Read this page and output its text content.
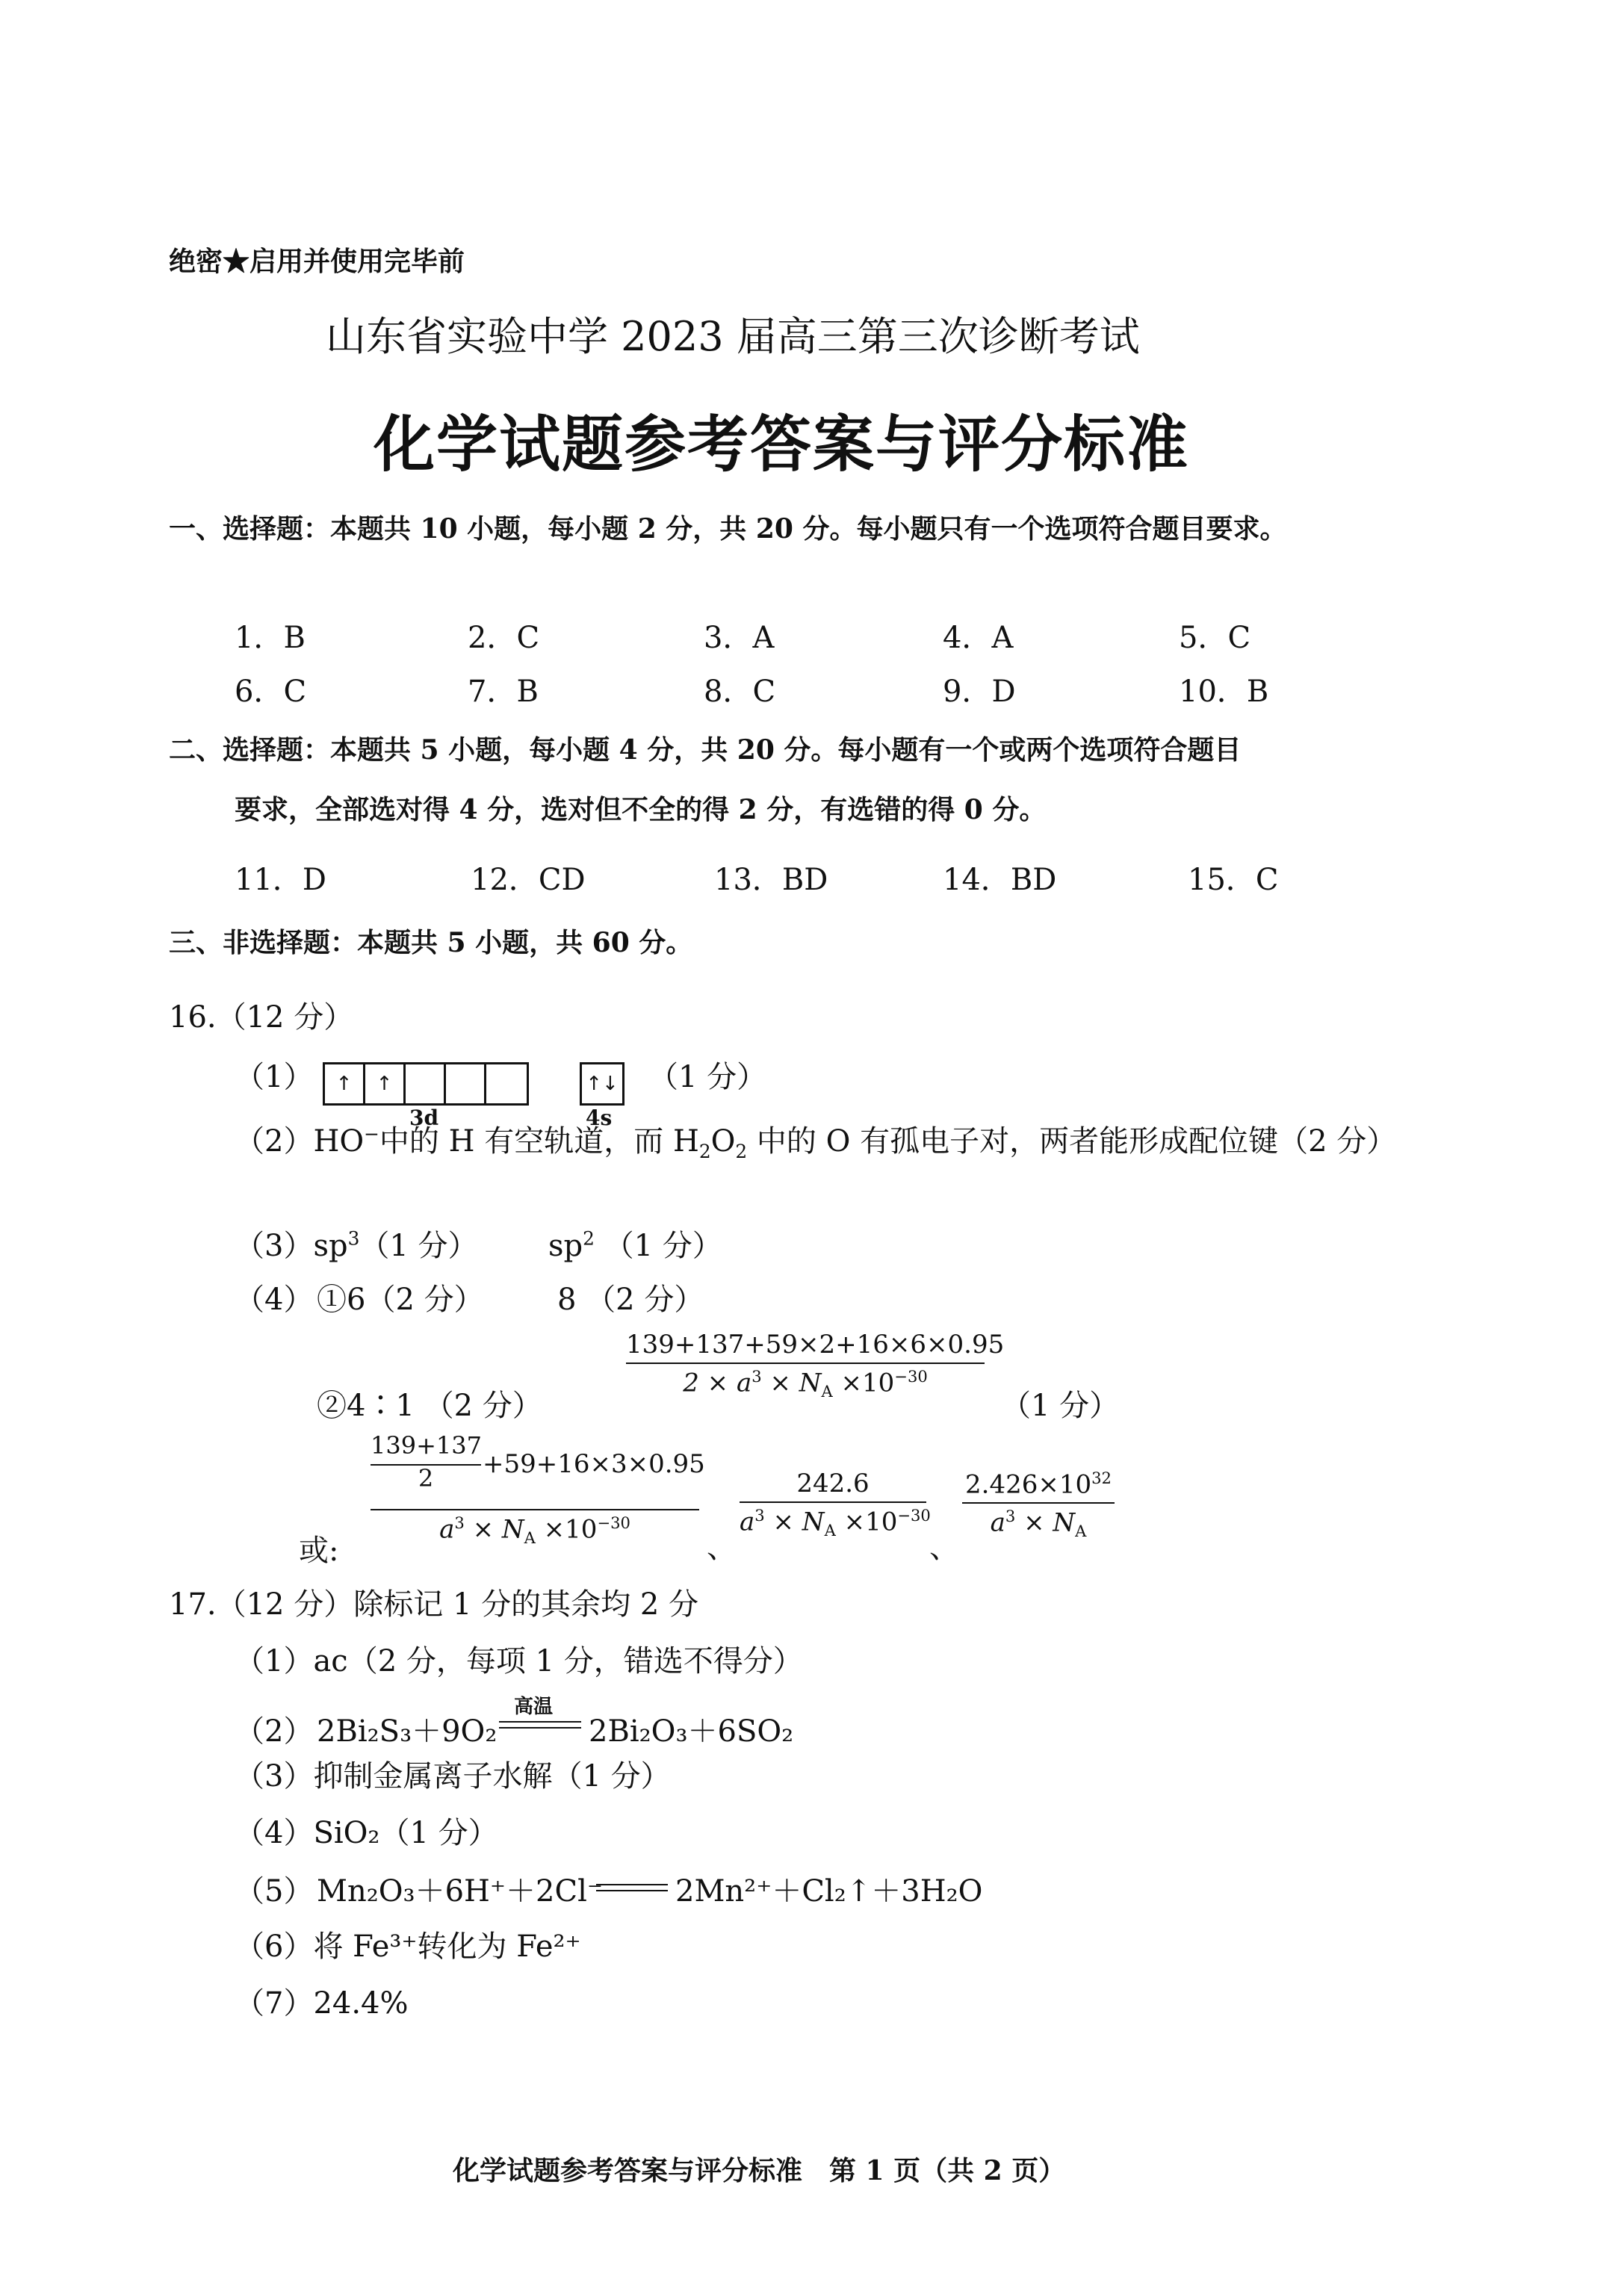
绝密★启用并使用完毕前
山东省实验中学 2023 届高三第三次诊断考试
化学试题参考答案与评分标准
一、选择题：本题共 10 小题，每小题 2 分，共 20 分。每小题只有一个选项符合题目要求。
1．B	2．C	3．A	4．A	5．C
6．C	7．B	8．C	9．D	10．B
二、选择题：本题共 5 小题，每小题 4 分，共 20 分。每小题有一个或两个选项符合题目
要求，全部选对得 4 分，选对但不全的得 2 分，有选错的得 0 分。
11．D	12．CD	13．BD	14．BD	15．C
三、非选择题：本题共 5 小题，共 60 分。
16.（12 分）
（1）	↑	↑
3d
↑↓
4s
（1 分）
（2）HO−中的 H 有空轨道，而 $H_2O_2$ 中的 O 有孤电子对，两者能形成配位键（2 分）
$(3)sp^3(1$ 分） $sp^2$ （1 分）
（4） ①6（2 分） 8 （2 分）
139+137+59×2+16×6×0.95
$2 \times a^3 \times N_A \times 10^{-30}$
②4∶1 （2 分）	（1 分）
139+137
2	+59+16×3×0.95
$a^3 \times N_A \times 10^{-30}$
或:	、
242.6
$a^3 \times N_A \times 10^{-30}$
、
$2.426\times 10^{32}$
$a^3 \times N_A$
17.（12 分）除标记 1 分的其余均 2 分
（1）ac（2 分，每项 1 分，错选不得分）
（2） 2Bi₂S₃＋9O₂
高温
2Bi₂O₃＋6SO₂
（3）抑制金属离子水解（1 分）
（4）SiO₂（1 分）
（5） Mn₂O₃＋6H⁺＋2Cl⁻ 2Mn²⁺＋Cl₂↑＋3H₂O
（6）将 Fe³⁺转化为 Fe²⁺
（7）24.4%
化学试题参考答案与评分标准　第 1 页（共 2 页）
